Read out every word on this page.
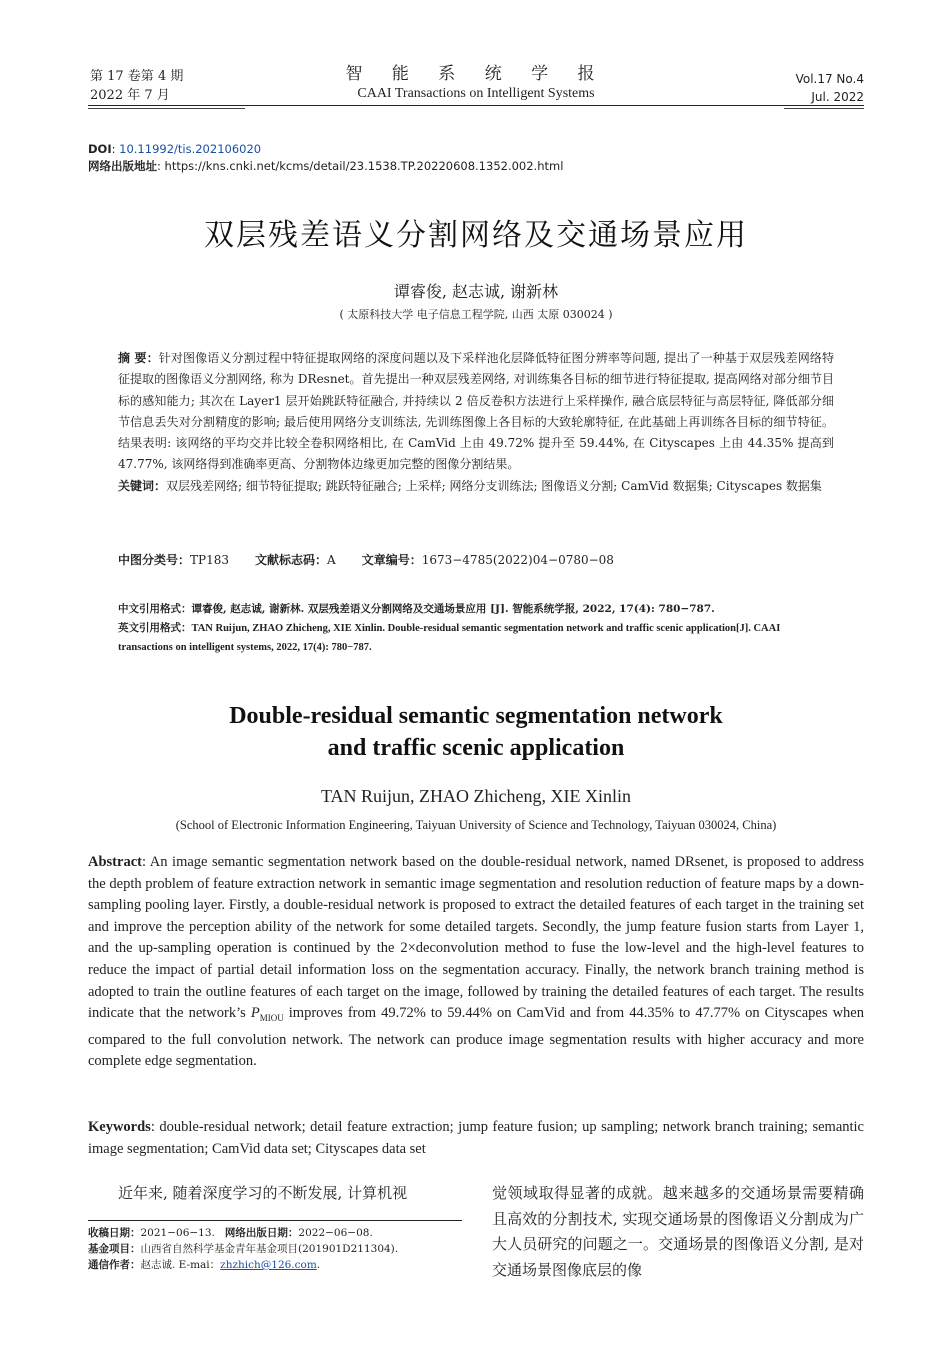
第 17 卷第 4 期
2022 年 7 月
智 能 系 统 学 报
CAAI Transactions on Intelligent Systems
Vol.17 No.4
Jul. 2022
DOI: 10.11992/tis.202106020
网络出版地址: https://kns.cnki.net/kcms/detail/23.1538.TP.20220608.1352.002.html
双层残差语义分割网络及交通场景应用
谭睿俊, 赵志诚, 谢新林
( 太原科技大学 电子信息工程学院, 山西 太原 030024 )
摘 要：针对图像语义分割过程中特征提取网络的深度问题以及下采样池化层降低特征图分辨率等问题, 提出了一种基于双层残差网络特征提取的图像语义分割网络, 称为 DResnet。首先提出一种双层残差网络, 对训练集各目标的细节进行特征提取, 提高网络对部分细节目标的感知能力; 其次在 Layer1 层开始跳跃特征融合, 并持续以 2 倍反卷积方法进行上采样操作, 融合底层特征与高层特征, 降低部分细节信息丢失对分割精度的影响; 最后使用网络分支训练法, 先训练图像上各目标的大致轮廓特征, 在此基础上再训练各目标的细节特征。结果表明: 该网络的平均交并比较全卷积网络相比, 在 CamVid 上由 49.72% 提升至 59.44%, 在 Cityscapes 上由 44.35% 提高到 47.77%, 该网络得到准确率更高、分割物体边缘更加完整的图像分割结果。
关键词：双层残差网络; 细节特征提取; 跳跃特征融合; 上采样; 网络分支训练法; 图像语义分割; CamVid 数据集; Cityscapes 数据集
中图分类号：TP183 文献标志码：A 文章编号：1673−4785(2022)04−0780−08
中文引用格式：谭睿俊, 赵志诚, 谢新林. 双层残差语义分割网络及交通场景应用 [J]. 智能系统学报, 2022, 17(4): 780−787.
英文引用格式：TAN Ruijun, ZHAO Zhicheng, XIE Xinlin. Double-residual semantic segmentation network and traffic scenic application[J]. CAAI transactions on intelligent systems, 2022, 17(4): 780−787.
Double-residual semantic segmentation network
and traffic scenic application
TAN Ruijun, ZHAO Zhicheng, XIE Xinlin
(School of Electronic Information Engineering, Taiyuan University of Science and Technology, Taiyuan 030024, China)
Abstract: An image semantic segmentation network based on the double-residual network, named DRsenet, is proposed to address the depth problem of feature extraction network in semantic image segmentation and resolution reduction of feature maps by a down-sampling pooling layer. Firstly, a double-residual network is proposed to extract the detailed features of each target in the training set and improve the perception ability of the network for some detailed targets. Secondly, the jump feature fusion starts from Layer 1, and the up-sampling operation is continued by the 2×deconvolution method to fuse the low-level and the high-level features to reduce the impact of partial detail information loss on the segmentation accuracy. Finally, the network branch training method is adopted to train the outline features of each target on the image, followed by training the detailed features of each target. The results indicate that the network’s $P_{MIOU}$ improves from 49.72% to 59.44% on CamVid and from 44.35% to 47.77% on Cityscapes when compared to the full convolution network. The network can produce image segmentation results with higher accuracy and more complete edge segmentation.
Keywords: double-residual network; detail feature extraction; jump feature fusion; up sampling; network branch training; semantic image segmentation; CamVid data set; Cityscapes data set
近年来, 随着深度学习的不断发展, 计算机视	觉领域取得显著的成就。越来越多的交通场景需要精确且高效的分割技术, 实现交通场景的图像语义分割成为广大人员研究的问题之一。交通场景的图像语义分割, 是对交通场景图像底层的像
收稿日期：2021−06−13. 网络出版日期：2022−06−08.
基金项目：山西省自然科学基金青年基金项目(201901D211304).
通信作者：赵志诚. E-mai：zhzhich@126.com.
